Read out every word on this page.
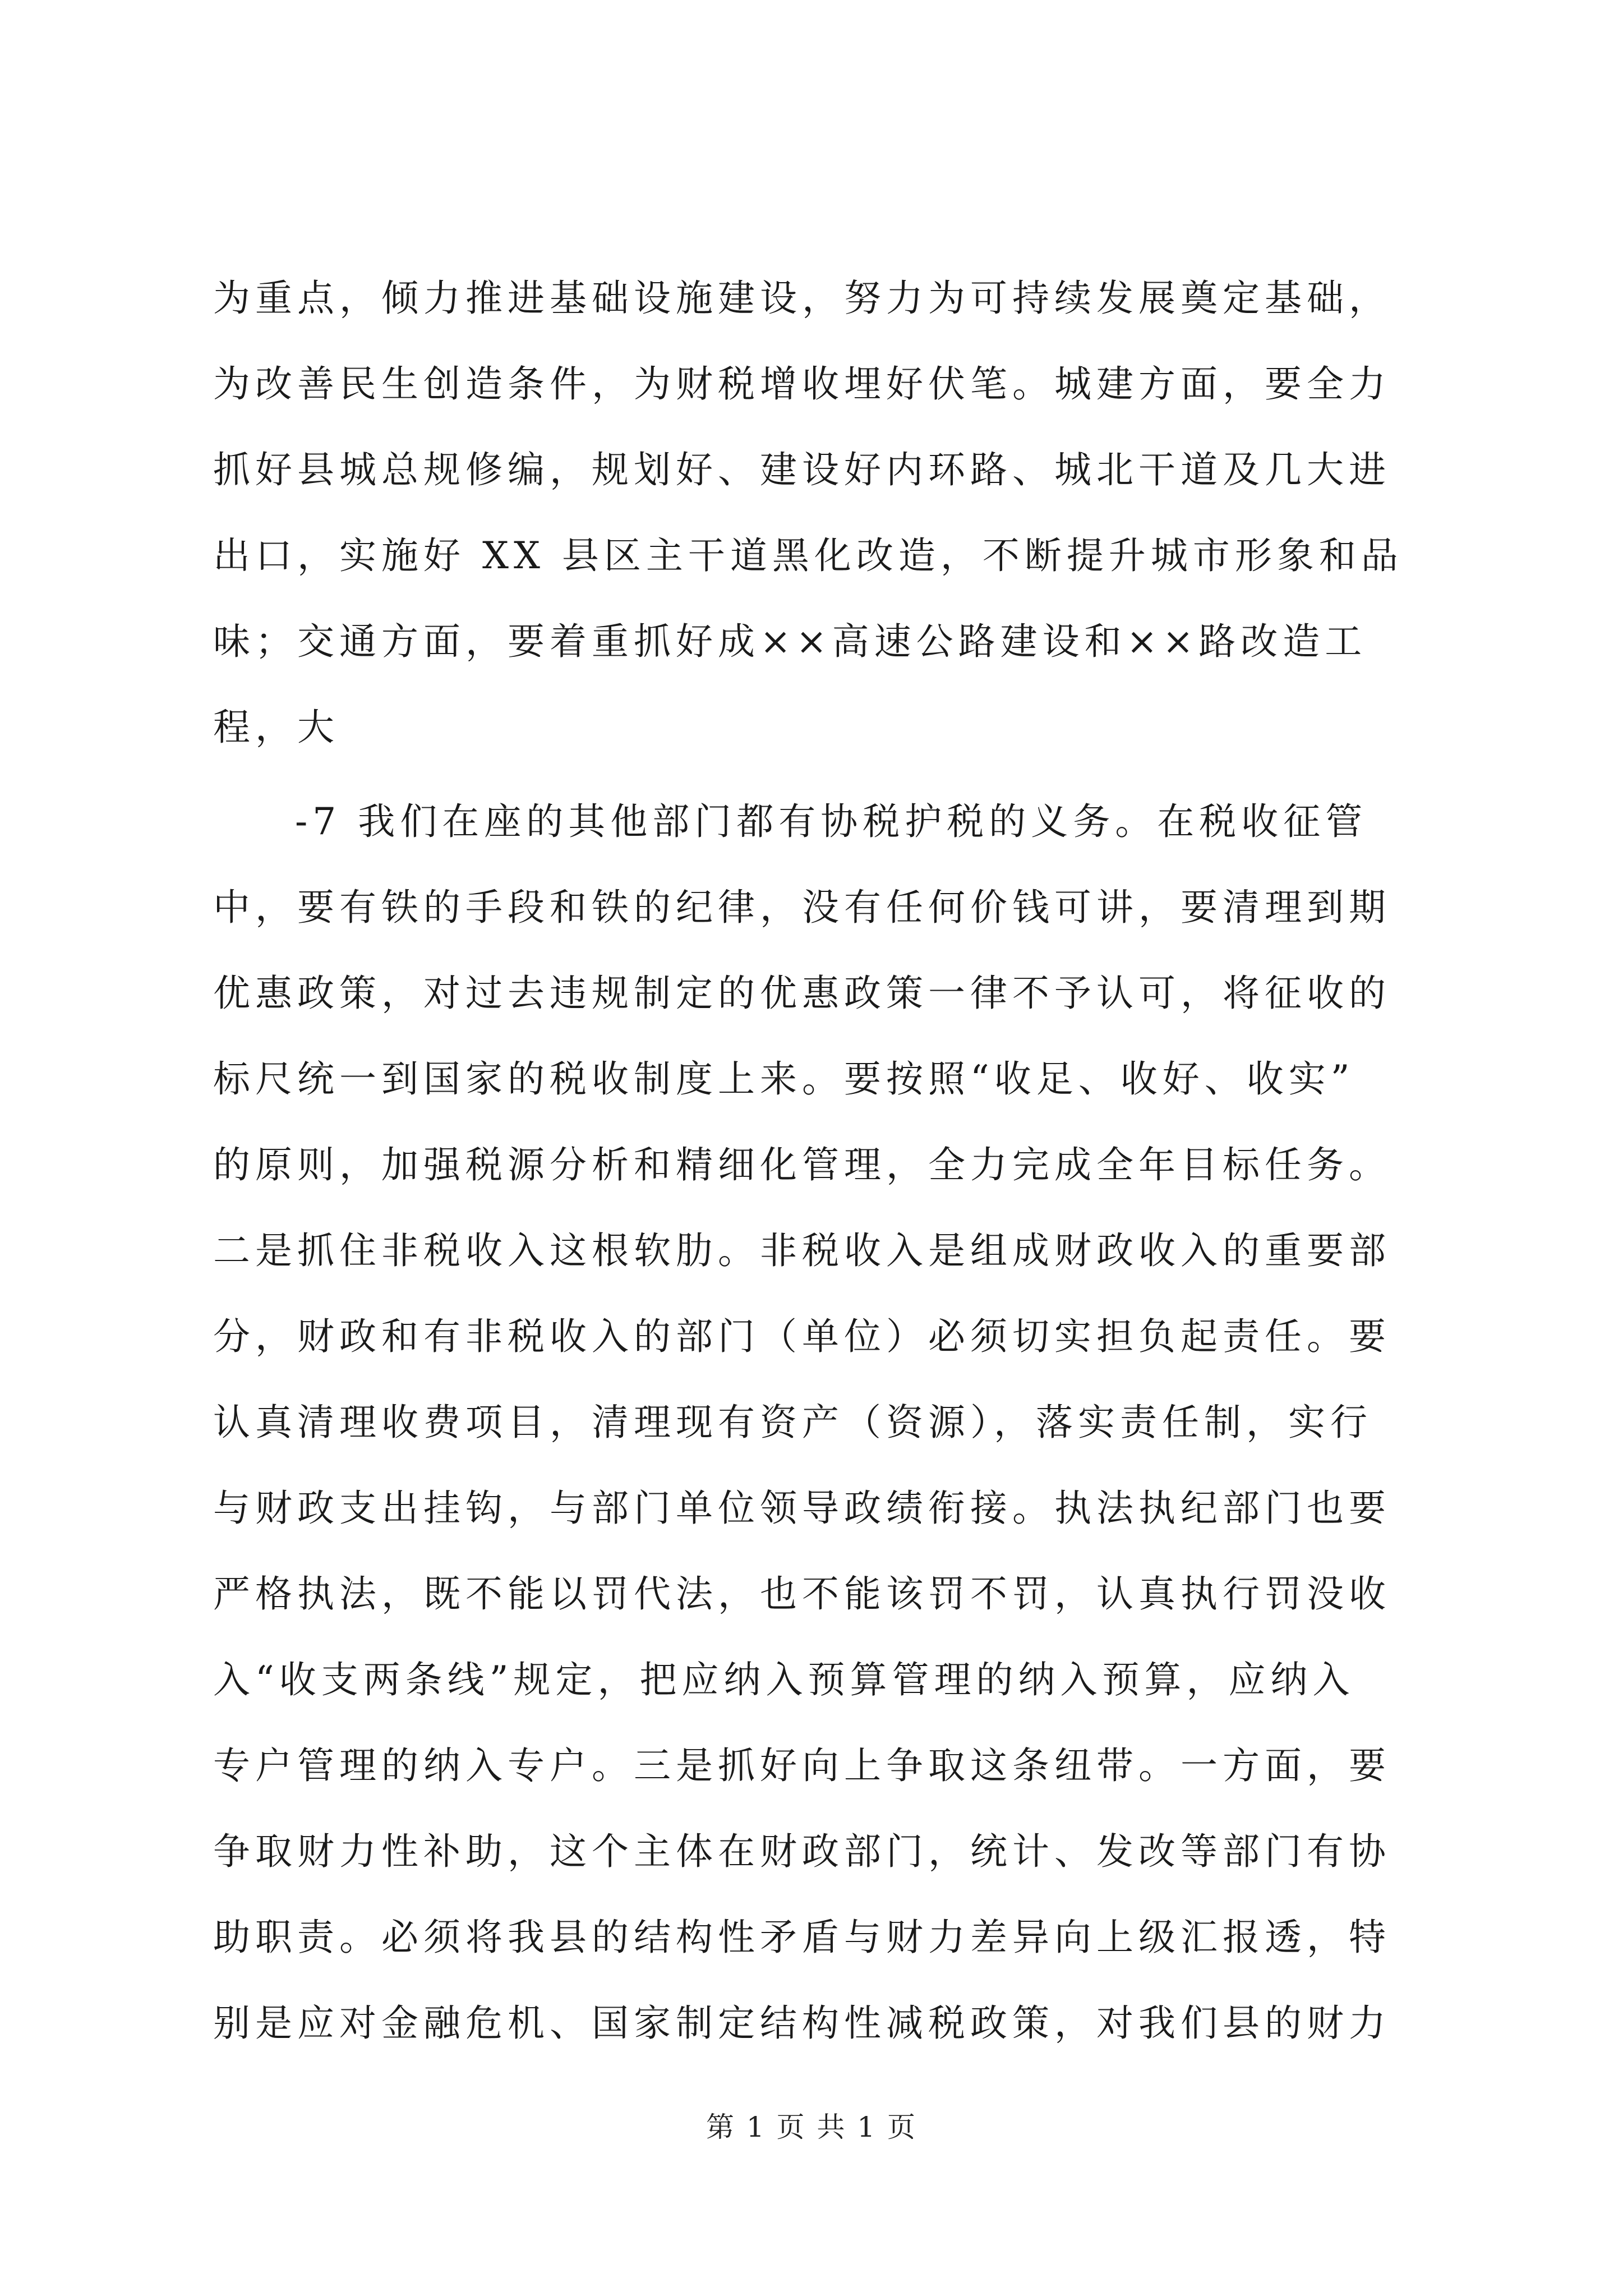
为重点，倾力推进基础设施建设，努力为可持续发展奠定基础，
为改善民生创造条件，为财税增收埋好伏笔。城建方面，要全力
抓好县城总规修编，规划好、建设好内环路、城北干道及几大进
出口，实施好 XX 县区主干道黑化改造，不断提升城市形象和品
味；交通方面，要着重抓好成××高速公路建设和××路改造工
程，大
-7 我们在座的其他部门都有协税护税的义务。在税收征管
中，要有铁的手段和铁的纪律，没有任何价钱可讲，要清理到期
优惠政策，对过去违规制定的优惠政策一律不予认可，将征收的
标尺统一到国家的税收制度上来。要按照“收足、收好、收实”
的原则，加强税源分析和精细化管理，全力完成全年目标任务。
二是抓住非税收入这根软肋。非税收入是组成财政收入的重要部
分，财政和有非税收入的部门（单位）必须切实担负起责任。要
认真清理收费项目，清理现有资产（资源），落实责任制，实行
与财政支出挂钩，与部门单位领导政绩衔接。执法执纪部门也要
严格执法，既不能以罚代法，也不能该罚不罚，认真执行罚没收
入“收支两条线”规定，把应纳入预算管理的纳入预算，应纳入
专户管理的纳入专户。三是抓好向上争取这条纽带。一方面，要
争取财力性补助，这个主体在财政部门，统计、发改等部门有协
助职责。必须将我县的结构性矛盾与财力差异向上级汇报透，特
别是应对金融危机、国家制定结构性减税政策，对我们县的财力
第 1 页 共 1 页
